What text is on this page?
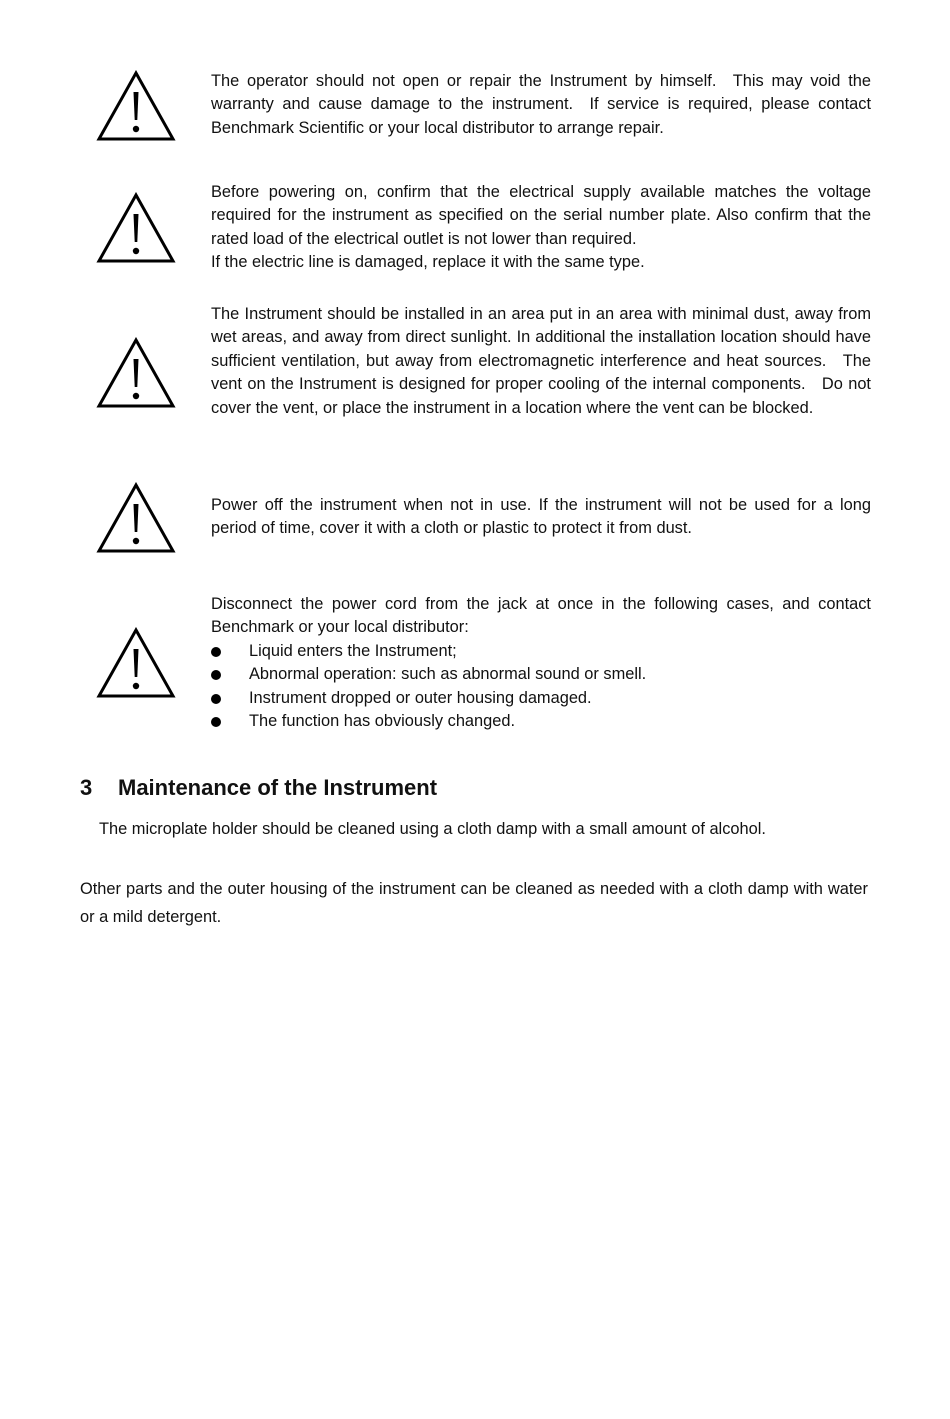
The operator should not open or repair the Instrument by himself. This may void the warranty and cause damage to the instrument. If service is required, please contact Benchmark Scientific or your local distributor to arrange repair.

Before powering on, confirm that the electrical supply available matches the voltage required for the instrument as specified on the serial number plate. Also confirm that the rated load of the electrical outlet is not lower than required.

If the electric line is damaged, replace it with the same type.

The Instrument should be installed in an area put in an area with minimal dust, away from wet areas, and away from direct sunlight. In additional the installation location should have sufficient ventilation, but away from electromagnetic interference and heat sources. The vent on the Instrument is designed for proper cooling of the internal components. Do not cover the vent, or place the instrument in a location where the vent can be blocked.

Power off the instrument when not in use. If the instrument will not be used for a long period of time, cover it with a cloth or plastic to protect it from dust.

Disconnect the power cord from the jack at once in the following cases, and contact Benchmark or your local distributor:

Liquid enters the Instrument;
Abnormal operation: such as abnormal sound or smell.
Instrument dropped or outer housing damaged.
The function has obviously changed.
3 Maintenance of the Instrument

The microplate holder should be cleaned using a cloth damp with a small amount of alcohol.

Other parts and the outer housing of the instrument can be cleaned as needed with a cloth damp with water or a mild detergent.
